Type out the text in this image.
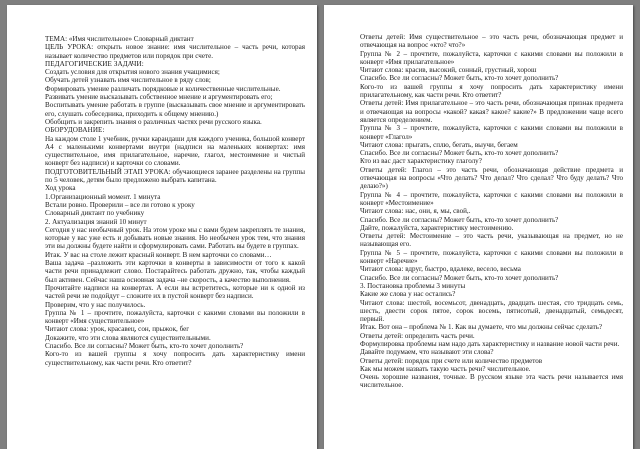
ТЕМА: «Имя числительное» Словарный диктант
ЦЕЛЬ УРОКА: открыть новое знание: имя числительное – часть речи, которая называет количество предметов или порядок при счете.
ПЕДАГОГИЧЕСКИЕ ЗАДАЧИ:
Создать условия для открытия нового знания учащимися;
Обучать детей узнавать имя числительное в ряду слов;
Формировать умение различать порядковые и количественные числительные.
Развивать умение высказывать собственное мнение и аргументировать его;
Воспитывать умение работать в группе (высказывать свое мнение и аргументировать его, слушать собеседника, приходить к общему мнению.)
Обобщить и закрепить знания о различных частях речи русского языка.
ОБОРУДОВАНИЕ:
На каждом столе 1 учебник, ручки карандаши для каждого ученика, большой конверт А4 с маленькими конвертами внутри (надписи на маленьких конвертах: имя существительное, имя прилагательное, наречие, глагол, местоимение и чистый конверт без надписи) и карточки со словами.
ПОДГОТОВИТЕЛЬНЫЙ ЭТАП УРОКА: обучающиеся заранее разделены на группы по 5 человек, детям было предложено выбрать капитана.
Ход урока
1.Организационный момент. 1 минута
Встали ровно. Проверили – все ли готово к уроку
Словарный диктант по учебнику
2. Актуализация знаний 10 минут
Сегодня у нас необычный урок. На этом уроке мы с вами будем закреплять те знания, которые у вас уже есть и добывать новые знания. Но необычен урок тем, что знания эти вы должны будете найти и сформулировать сами. Работать вы будете в группах.
Итак. У вас на столе лежит красный конверт. В нем карточки со словами…
Ваша задача –разложить эти карточки в конверты в зависимости от того к какой части речи принадлежит слово. Постарайтесь работать дружно, так, чтобы каждый был активен. Сейчас наша основная задача –не скорость, а качество выполнения.
Прочитайте надписи на конвертах. А если вы встретитесь, которые ни к одной из частей речи не подойдут – сложите их в пустой конверт без надписи.
Проверим, что у нас получилось.
Группа № 1 – прочтите, пожалуйста, карточки с какими словами вы положили в конверт «Имя существительное»
Читают слова: урок, красавец, сон, прыжок, бег
Докажите, что эти слова являются существительными.
Спасибо. Все ли согласны? Может быть, кто-то хочет дополнить?
Кого-то из вашей группы я хочу попросить дать характеристику имени существительному, как части речи. Кто ответит?
Ответы детей: Имя существительное – это часть речи, обозначающая предмет и отвечающая на вопрос «кто? что?»
Группа № 2 – прочтите, пожалуйста, карточки с какими словами вы положили в конверт «Имя прилагательное»
Читают слова: красив, высокий, сонный, грустный, хорош
Спасибо. Все ли согласны? Может быть, кто-то хочет дополнить?
Кого-то из вашей группы я хочу попросить дать характеристику имени прилагательному, как части речи. Кто ответит?
Ответы детей: Имя прилагательное – это часть речи, обозначающая признак предмета и отвечающая на вопросы «какой? какая? какое? какие?» В предложении чаще всего является определением.
Группа № 3 – прочтите, пожалуйста, карточки с какими словами вы положили в конверт «Глагол»
Читают слова: прыгать, сплю, бегать, выучи, бегаем
Спасибо. Все ли согласны? Может быть, кто-то хочет дополнить?
Кто из вас даст характеристику глаголу?
Ответы детей: Глагол – это часть речи, обозначающая действие предмета и отвечающая на вопросы «Что делать? Что делал? Что сделал? Что буду делать? Что делаю?»)
Группа № 4 – прочтите, пожалуйста, карточки с какими словами вы положили в конверт «Местоимение»
Читают слова: нас, они, я, мы, свой,.
Спасибо. Все ли согласны? Может быть, кто-то хочет дополнить?
Дайте, пожалуйста, характеристику местоимению.
Ответы детей: Местоимение – это часть речи, указывающая на предмет, но не называющая его.
Группа № 5 – прочтите, пожалуйста, карточки с какими словами вы положили в конверт «Наречие»
Читают слова: вдруг, быстро, вдалеке, весело, весьма
Спасибо. Все ли согласны? Может быть, кто-то хочет дополнить?
3. Постановка проблемы 3 минуты
Какие же слова у нас остались?
Читают слова: шестой, восемьсот, двенадцать, двадцать шестая, сто тридцать семь, шесть, двести сорок пятое, сорок восемь, пятисотый, двенадцатый, семьдесят, первый.
Итак. Вот она – проблема № 1. Как вы думаете, что мы должны сейчас сделать?
Ответы детей: определить часть речи.
Формулировка проблемы нам надо дать характеристику и название новой части речи.
Давайте подумаем, что называют эти слова?
Ответы детей: порядок при счете или количество предметов
Как мы можем назвать такую часть речи? числительное.
Очень хорошие названия, точные. В русском языке эта часть речи называется имя числительное.
